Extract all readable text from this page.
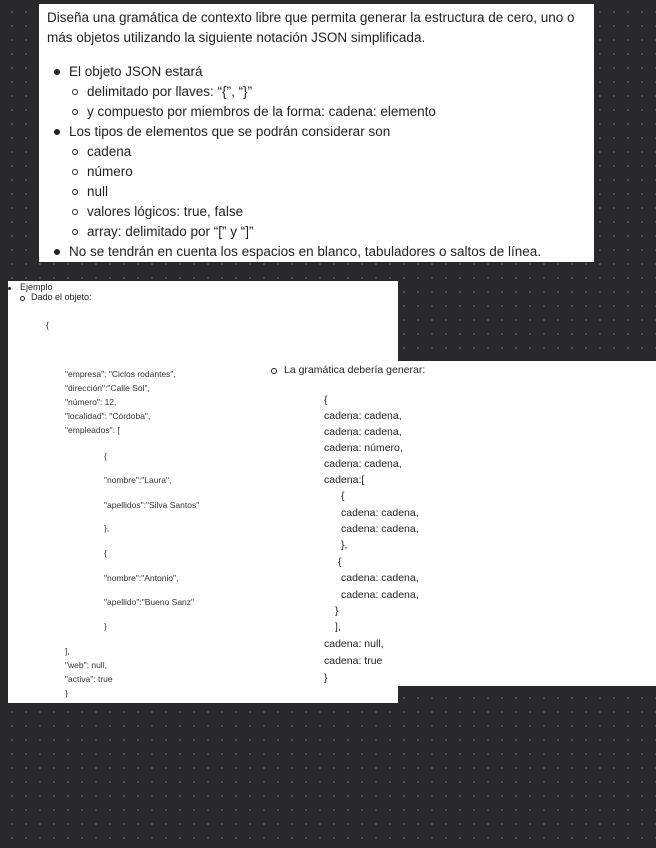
Diseña una gramática de contexto libre que permita generar la estructura de cero, uno o más objetos utilizando la siguiente notación JSON simplificada.

El objeto JSON estará
delimitado por llaves: “{”, “}”
y compuesto por miembros de la forma: cadena: elemento
Los tipos de elementos que se podrán considerar son
cadena
número
null
valores lógicos: true, false
array: delimitado por “[” y “]”
No se tendrán en cuenta los espacios en blanco, tabuladores o saltos de línea.
Ejemplo
Dado el objeto:
La gramática debería generar:
{
"empresa": "Ciclos rodantes",
"dirección":"Calle Sol",
"número": 12,
"localidad": "Córdoba",
"empleados": [
{
"nombre":"Laura",
"apellidos":"Silva Santos"
},
{
"nombre":"Antonio",
"apellido":"Bueno Sanz"
}
],
"web": null,
"activa": true
}
{
cadena: cadena,
cadena: cadena,
cadena: número,
cadena: cadena,
cadena:[
{
cadena: cadena,
cadena: cadena,
},
{
cadena: cadena,
cadena: cadena,
}
],
cadena: null,
cadena: true
}
